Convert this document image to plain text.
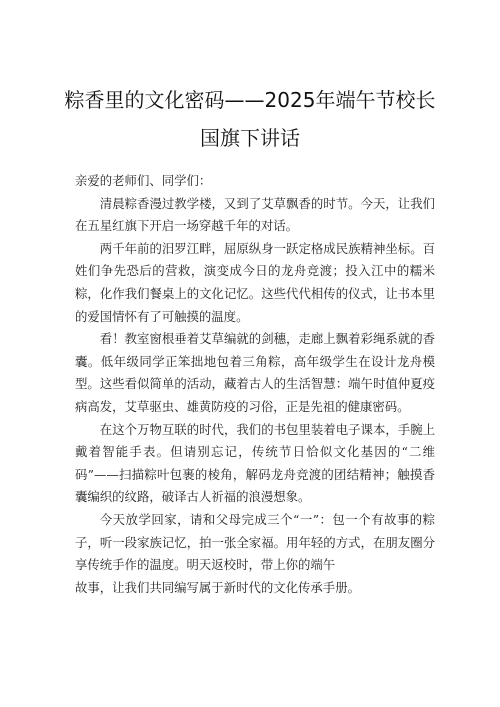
粽香里的文化密码——2025年端午节校长
国旗下讲话

亲爱的老师们、同学们：

清晨粽香漫过教学楼，又到了艾草飘香的时节。今天，让我们在五星红旗下开启一场穿越千年的对话。

两千年前的汨罗江畔，屈原纵身一跃定格成民族精神坐标。百姓们争先恐后的营救，演变成今日的龙舟竞渡；投入江中的糯米粽，化作我们餐桌上的文化记忆。这些代代相传的仪式，让书本里的爱国情怀有了可触摸的温度。

看！教室窗根垂着艾草编就的剑穗，走廊上飘着彩绳系就的香囊。低年级同学正笨拙地包着三角粽，高年级学生在设计龙舟模型。这些看似简单的活动，藏着古人的生活智慧：端午时值仲夏疫病高发，艾草驱虫、雄黄防疫的习俗，正是先祖的健康密码。

在这个万物互联的时代，我们的书包里装着电子课本，手腕上戴着智能手表。但请别忘记，传统节日恰似文化基因的“二维码”——扫描粽叶包裹的棱角，解码龙舟竞渡的团结精神；触摸香囊编织的纹路，破译古人祈福的浪漫想象。

今天放学回家，请和父母完成三个“一”：包一个有故事的粽子，听一段家族记忆，拍一张全家福。用年轻的方式，在朋友圈分享传统手作的温度。明天返校时，带上你的端午

故事，让我们共同编写属于新时代的文化传承手册。
